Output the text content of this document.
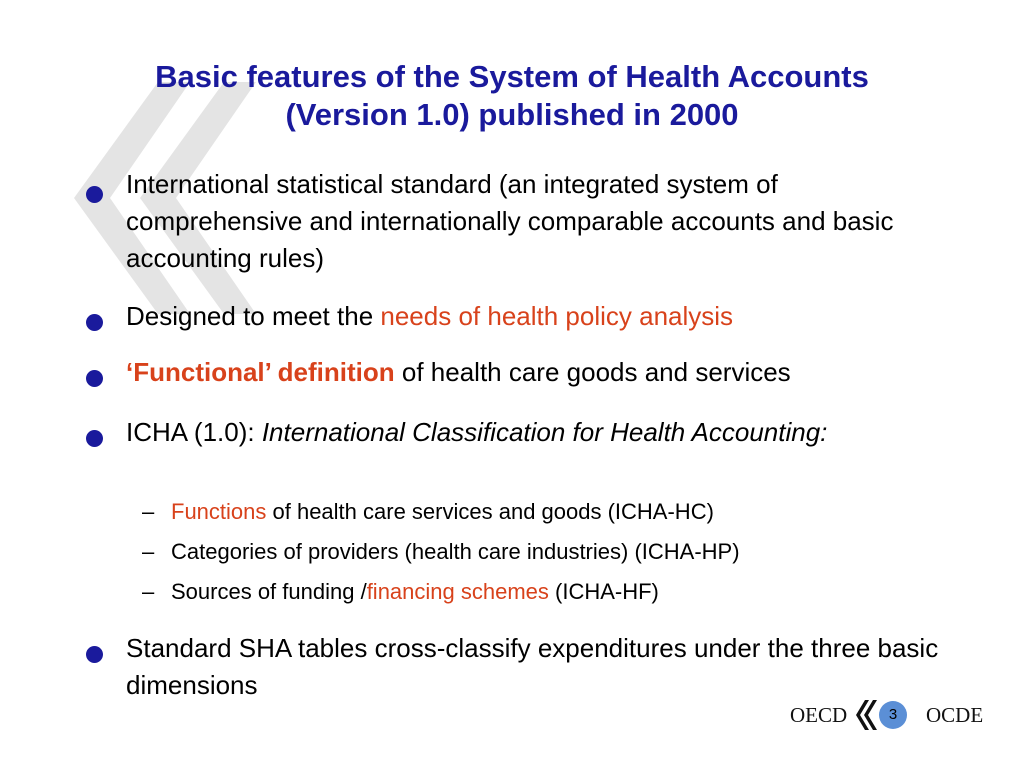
Basic features of the System of Health Accounts
(Version 1.0) published in 2000
International statistical standard (an integrated system of comprehensive and internationally comparable accounts and basic accounting rules)
Designed to meet the needs of health policy analysis
‘Functional’ definition of health care goods and services
ICHA (1.0): International Classification for Health Accounting:
– Functions of health care services and goods (ICHA-HC)
– Categories of providers (health care industries) (ICHA-HP)
– Sources of funding /financing schemes (ICHA-HF)
Standard SHA tables cross-classify expenditures under the three basic dimensions
OECD	3	OCDE
